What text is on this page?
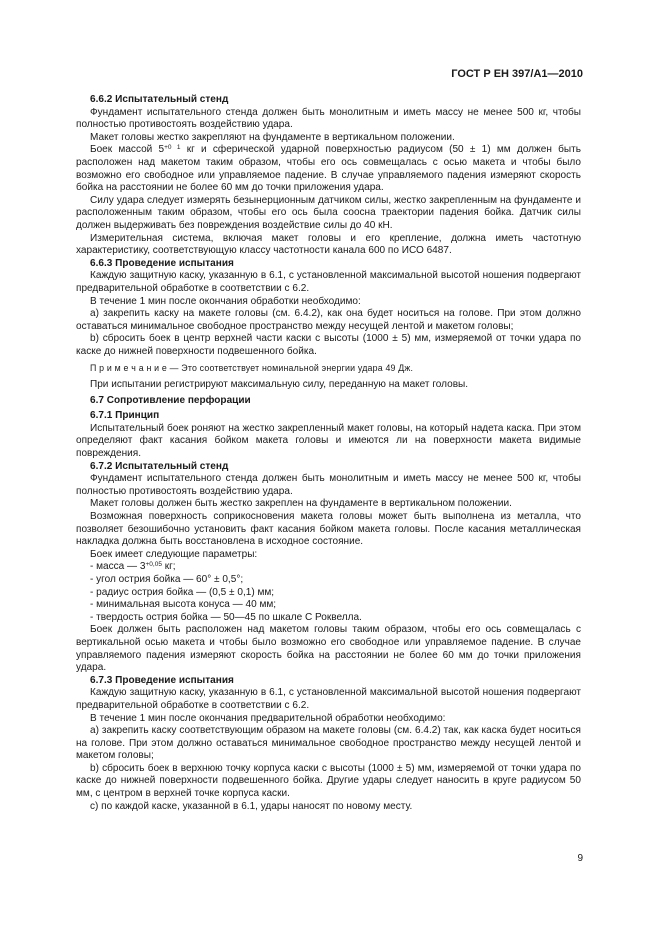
ГОСТ Р ЕН 397/А1—2010

6.6.2 Испытательный стенд

Фундамент испытательного стенда должен быть монолитным и иметь массу не менее 500 кг, чтобы полностью противостоять воздействию удара.

Макет головы жестко закрепляют на фундаменте в вертикальном положении.

Боек массой $5^{+0 1}$ кг и сферической ударной поверхностью радиусом (50 ± 1) мм должен быть расположен над макетом таким образом, чтобы его ось совмещалась с осью макета и чтобы было возможно его свободное или управляемое падение. В случае управляемого падения измеряют скорость бойка на расстоянии не более 60 мм до точки приложения удара.

Силу удара следует измерять безынерционным датчиком силы, жестко закрепленным на фундаменте и расположенным таким образом, чтобы его ось была соосна траектории падения бойка. Датчик силы должен выдерживать без повреждения воздействие силы до 40 кН.

Измерительная система, включая макет головы и его крепление, должна иметь частотную характеристику, соответствующую классу частотности канала 600 по ИСО 6487.

6.6.3 Проведение испытания

Каждую защитную каску, указанную в 6.1, с установленной максимальной высотой ношения подвергают предварительной обработке в соответствии с 6.2.

В течение 1 мин после окончания обработки необходимо:

а) закрепить каску на макете головы (см. 6.4.2), как она будет носиться на голове. При этом должно оставаться минимальное свободное пространство между несущей лентой и макетом головы;

b) сбросить боек в центр верхней части каски с высоты (1000 ± 5) мм, измеряемой от точки удара по каске до нижней поверхности подвешенного бойка.

П р и м е ч а н и е — Это соответствует номинальной энергии удара 49 Дж.

При испытании регистрируют максимальную силу, переданную на макет головы.

6.7 Сопротивление перфорации

6.7.1 Принцип

Испытательный боек роняют на жестко закрепленный макет головы, на который надета каска. При этом определяют факт касания бойком макета головы и имеются ли на поверхности макета видимые повреждения.

6.7.2 Испытательный стенд

Фундамент испытательного стенда должен быть монолитным и иметь массу не менее 500 кг, чтобы полностью противостоять воздействию удара.

Макет головы должен быть жестко закреплен на фундаменте в вертикальном положении.

Возможная поверхность соприкосновения макета головы может быть выполнена из металла, что позволяет безошибочно установить факт касания бойком макета головы. После касания металлическая накладка должна быть восстановлена в исходное состояние.

Боек имеет следующие параметры:

- масса — $3^{+0,05}$ кг;

- угол острия бойка — 60° ± 0,5°;

- радиус острия бойка — (0,5 ± 0,1) мм;

- минимальная высота конуса — 40 мм;

- твердость острия бойка — 50—45 по шкале С Роквелла.

Боек должен быть расположен над макетом головы таким образом, чтобы его ось совмещалась с вертикальной осью макета и чтобы было возможно его свободное или управляемое падение. В случае управляемого падения измеряют скорость бойка на расстоянии не более 60 мм до точки приложения удара.

6.7.3 Проведение испытания

Каждую защитную каску, указанную в 6.1, с установленной максимальной высотой ношения подвергают предварительной обработке в соответствии с 6.2.

В течение 1 мин после окончания предварительной обработки необходимо:

а) закрепить каску соответствующим образом на макете головы (см. 6.4.2) так, как каска будет носиться на голове. При этом должно оставаться минимальное свободное пространство между несущей лентой и макетом головы;

b) сбросить боек в верхнюю точку корпуса каски с высоты (1000 ± 5) мм, измеряемой от точки удара по каске до нижней поверхности подвешенного бойка. Другие удары следует наносить в круге радиусом 50 мм, с центром в верхней точке корпуса каски.

с) по каждой каске, указанной в 6.1, удары наносят по новому месту.

9
